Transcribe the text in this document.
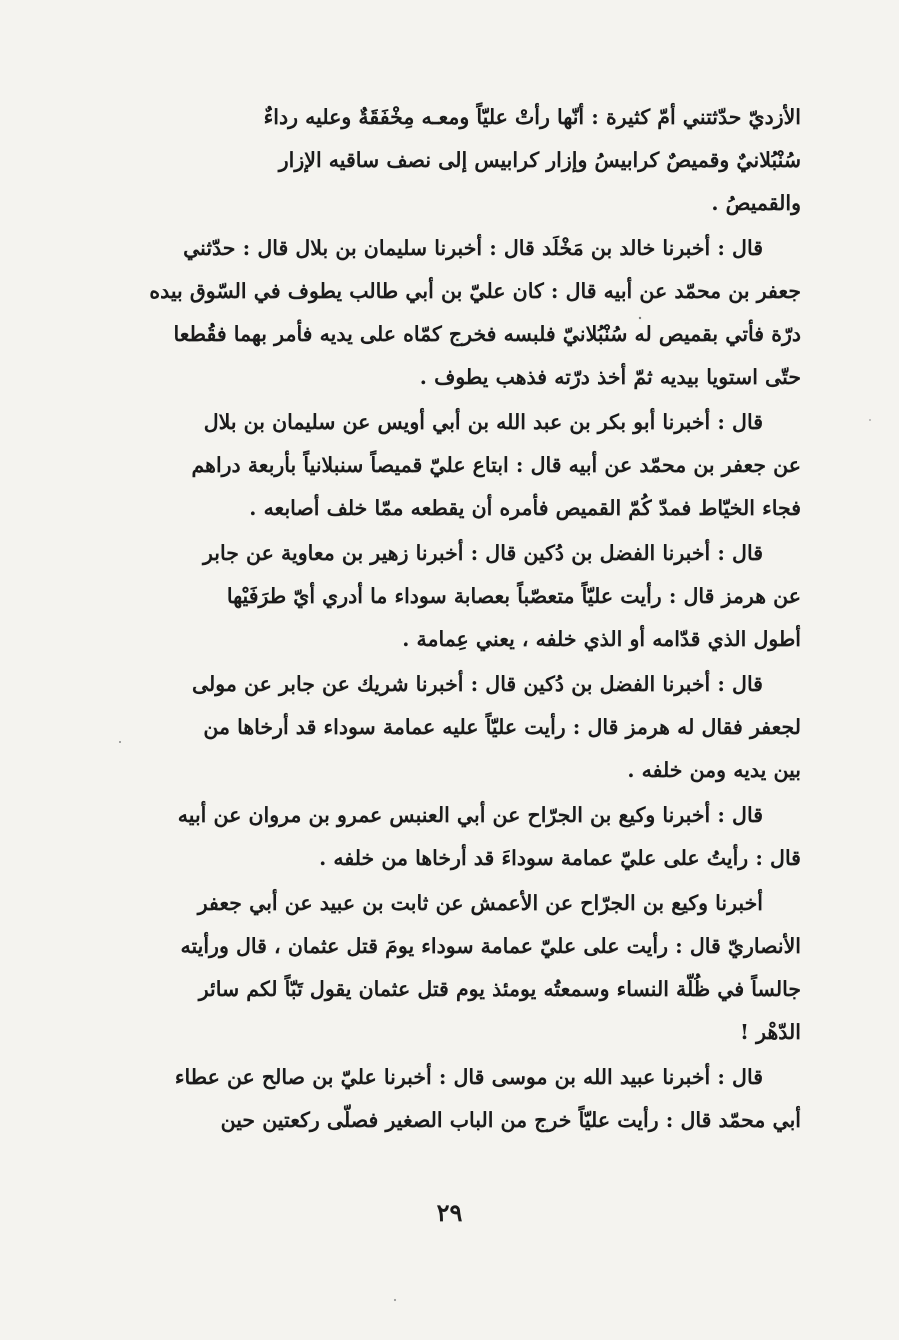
الأزديّ حدّثتني أمّ كثيرة : أنّها رأتْ عليّاً ومعـه مِخْفَقَةٌ وعليه رداءٌ
سُنْبُلانيٌ وقميصٌ كرابيسُ وإزار كرابيس إلى نصف ساقيه الإزار
والقميصُ .

قال : أخبرنا خالد بن مَخْلَد قال : أخبرنا سليمان بن بلال قال : حدّثني
جعفر بن محمّد عن أبيه قال : كان عليّ بن أبي طالب يطوف في السّوق بيده
درّة فأتي بقميص له سُنْبُلانيّ فلبسه فخرج كمّاه على يديه فأمر بهما فقُطعا
حتّى استويا بيديه ثمّ أخذ درّته فذهب يطوف .

قال : أخبرنا أبو بكر بن عبد الله بن أبي أويس عن سليمان بن بلال
عن جعفر بن محمّد عن أبيه قال : ابتاع عليّ قميصاً سنبلانياً بأربعة دراهم
فجاء الخيّاط فمدّ كُمّ القميص فأمره أن يقطعه ممّا خلف أصابعه .

قال : أخبرنا الفضل بن دُكين قال : أخبرنا زهير بن معاوية عن جابر
عن هرمز قال : رأيت عليّاً متعصّباً بعصابة سوداء ما أدري أيّ طرَفَيْها
أطول الذي قدّامه أو الذي خلفه ، يعني عِمامة .

قال : أخبرنا الفضل بن دُكين قال : أخبرنا شريك عن جابر عن مولى
لجعفر فقال له هرمز قال : رأيت عليّاً عليه عمامة سوداء قد أرخاها من
بين يديه ومن خلفه .

قال : أخبرنا وكيع بن الجرّاح عن أبي العنبس عمرو بن مروان عن أبيه
قال : رأيتُ على عليّ عمامة سوداءَ قد أرخاها من خلفه .

أخبرنا وكيع بن الجرّاح عن الأعمش عن ثابت بن عبيد عن أبي جعفر
الأنصاريّ قال : رأيت على عليّ عمامة سوداء يومَ قتل عثمان ، قال ورأيته
جالساً في ظُلّة النساء وسمعتُه يومئذ يوم قتل عثمان يقول تَبّاً لكم سائر
الدّهْر !

قال : أخبرنا عبيد الله بن موسى قال : أخبرنا عليّ بن صالح عن عطاء
أبي محمّد قال : رأيت عليّاً خرج من الباب الصغير فصلّى ركعتين حين

٢٩
